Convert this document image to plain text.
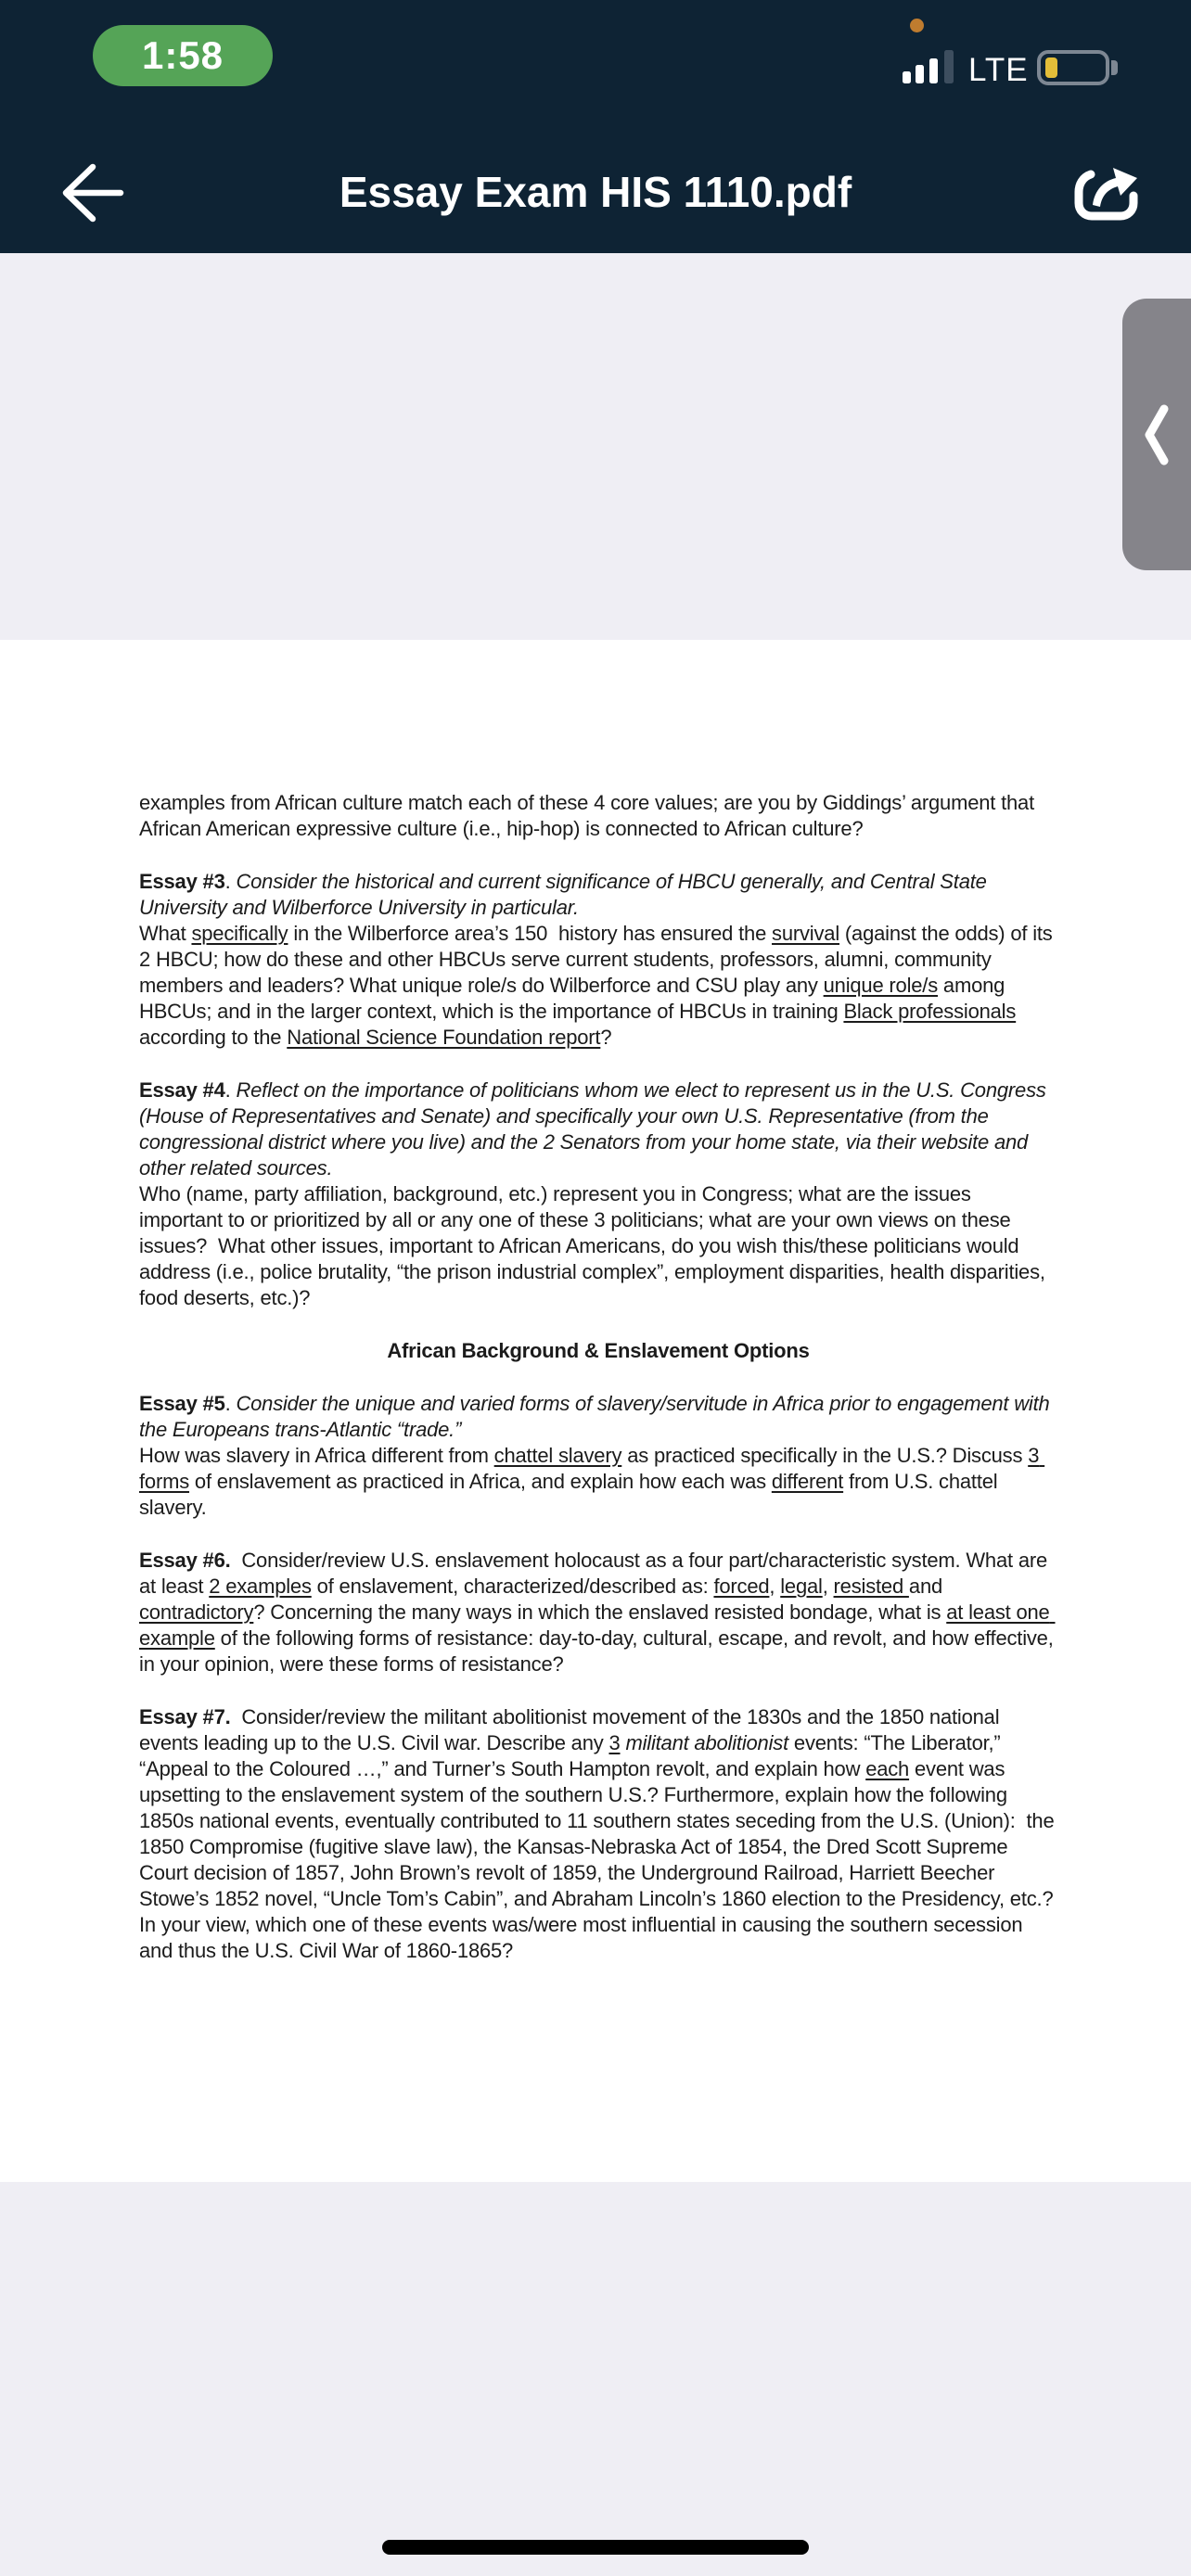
1:58	LTE
Essay Exam HIS 1110.pdf

examples from African culture match each of these 4 core values; are you by Giddings’ argument that African American expressive culture (i.e., hip-hop) is connected to African culture?

Essay #3. Consider the historical and current significance of HBCU generally, and Central State University and Wilberforce University in particular.
What specifically in the Wilberforce area’s 150  history has ensured the survival (against the odds) of its 2 HBCU; how do these and other HBCUs serve current students, professors, alumni, community members and leaders? What unique role/s do Wilberforce and CSU play any unique role/s among HBCUs; and in the larger context, which is the importance of HBCUs in training Black professionals according to the National Science Foundation report?

Essay #4. Reflect on the importance of politicians whom we elect to represent us in the U.S. Congress (House of Representatives and Senate) and specifically your own U.S. Representative (from the congressional district where you live) and the 2 Senators from your home state, via their website and other related sources.
Who (name, party affiliation, background, etc.) represent you in Congress; what are the issues important to or prioritized by all or any one of these 3 politicians; what are your own views on these issues?  What other issues, important to African Americans, do you wish this/these politicians would address (i.e., police brutality, “the prison industrial complex”, employment disparities, health disparities, food deserts, etc.)?

African Background & Enslavement Options

Essay #5. Consider the unique and varied forms of slavery/servitude in Africa prior to engagement with the Europeans trans-Atlantic “trade.”
How was slavery in Africa different from chattel slavery as practiced specifically in the U.S.? Discuss 3 forms of enslavement as practiced in Africa, and explain how each was different from U.S. chattel slavery.

Essay #6.  Consider/review U.S. enslavement holocaust as a four part/characteristic system. What are at least 2 examples of enslavement, characterized/described as: forced, legal, resisted and contradictory? Concerning the many ways in which the enslaved resisted bondage, what is at least one example of the following forms of resistance: day-to-day, cultural, escape, and revolt, and how effective, in your opinion, were these forms of resistance?

Essay #7.  Consider/review the militant abolitionist movement of the 1830s and the 1850 national events leading up to the U.S. Civil war. Describe any 3 militant abolitionist events: “The Liberator,” “Appeal to the Coloured …,” and Turner’s South Hampton revolt, and explain how each event was upsetting to the enslavement system of the southern U.S.? Furthermore, explain how the following 1850s national events, eventually contributed to 11 southern states seceding from the U.S. (Union):  the 1850 Compromise (fugitive slave law), the Kansas-Nebraska Act of 1854, the Dred Scott Supreme Court decision of 1857, John Brown’s revolt of 1859, the Underground Railroad, Harriett Beecher Stowe’s 1852 novel, “Uncle Tom’s Cabin”, and Abraham Lincoln’s 1860 election to the Presidency, etc.? In your view, which one of these events was/were most influential in causing the southern secession and thus the U.S. Civil War of 1860-1865?
